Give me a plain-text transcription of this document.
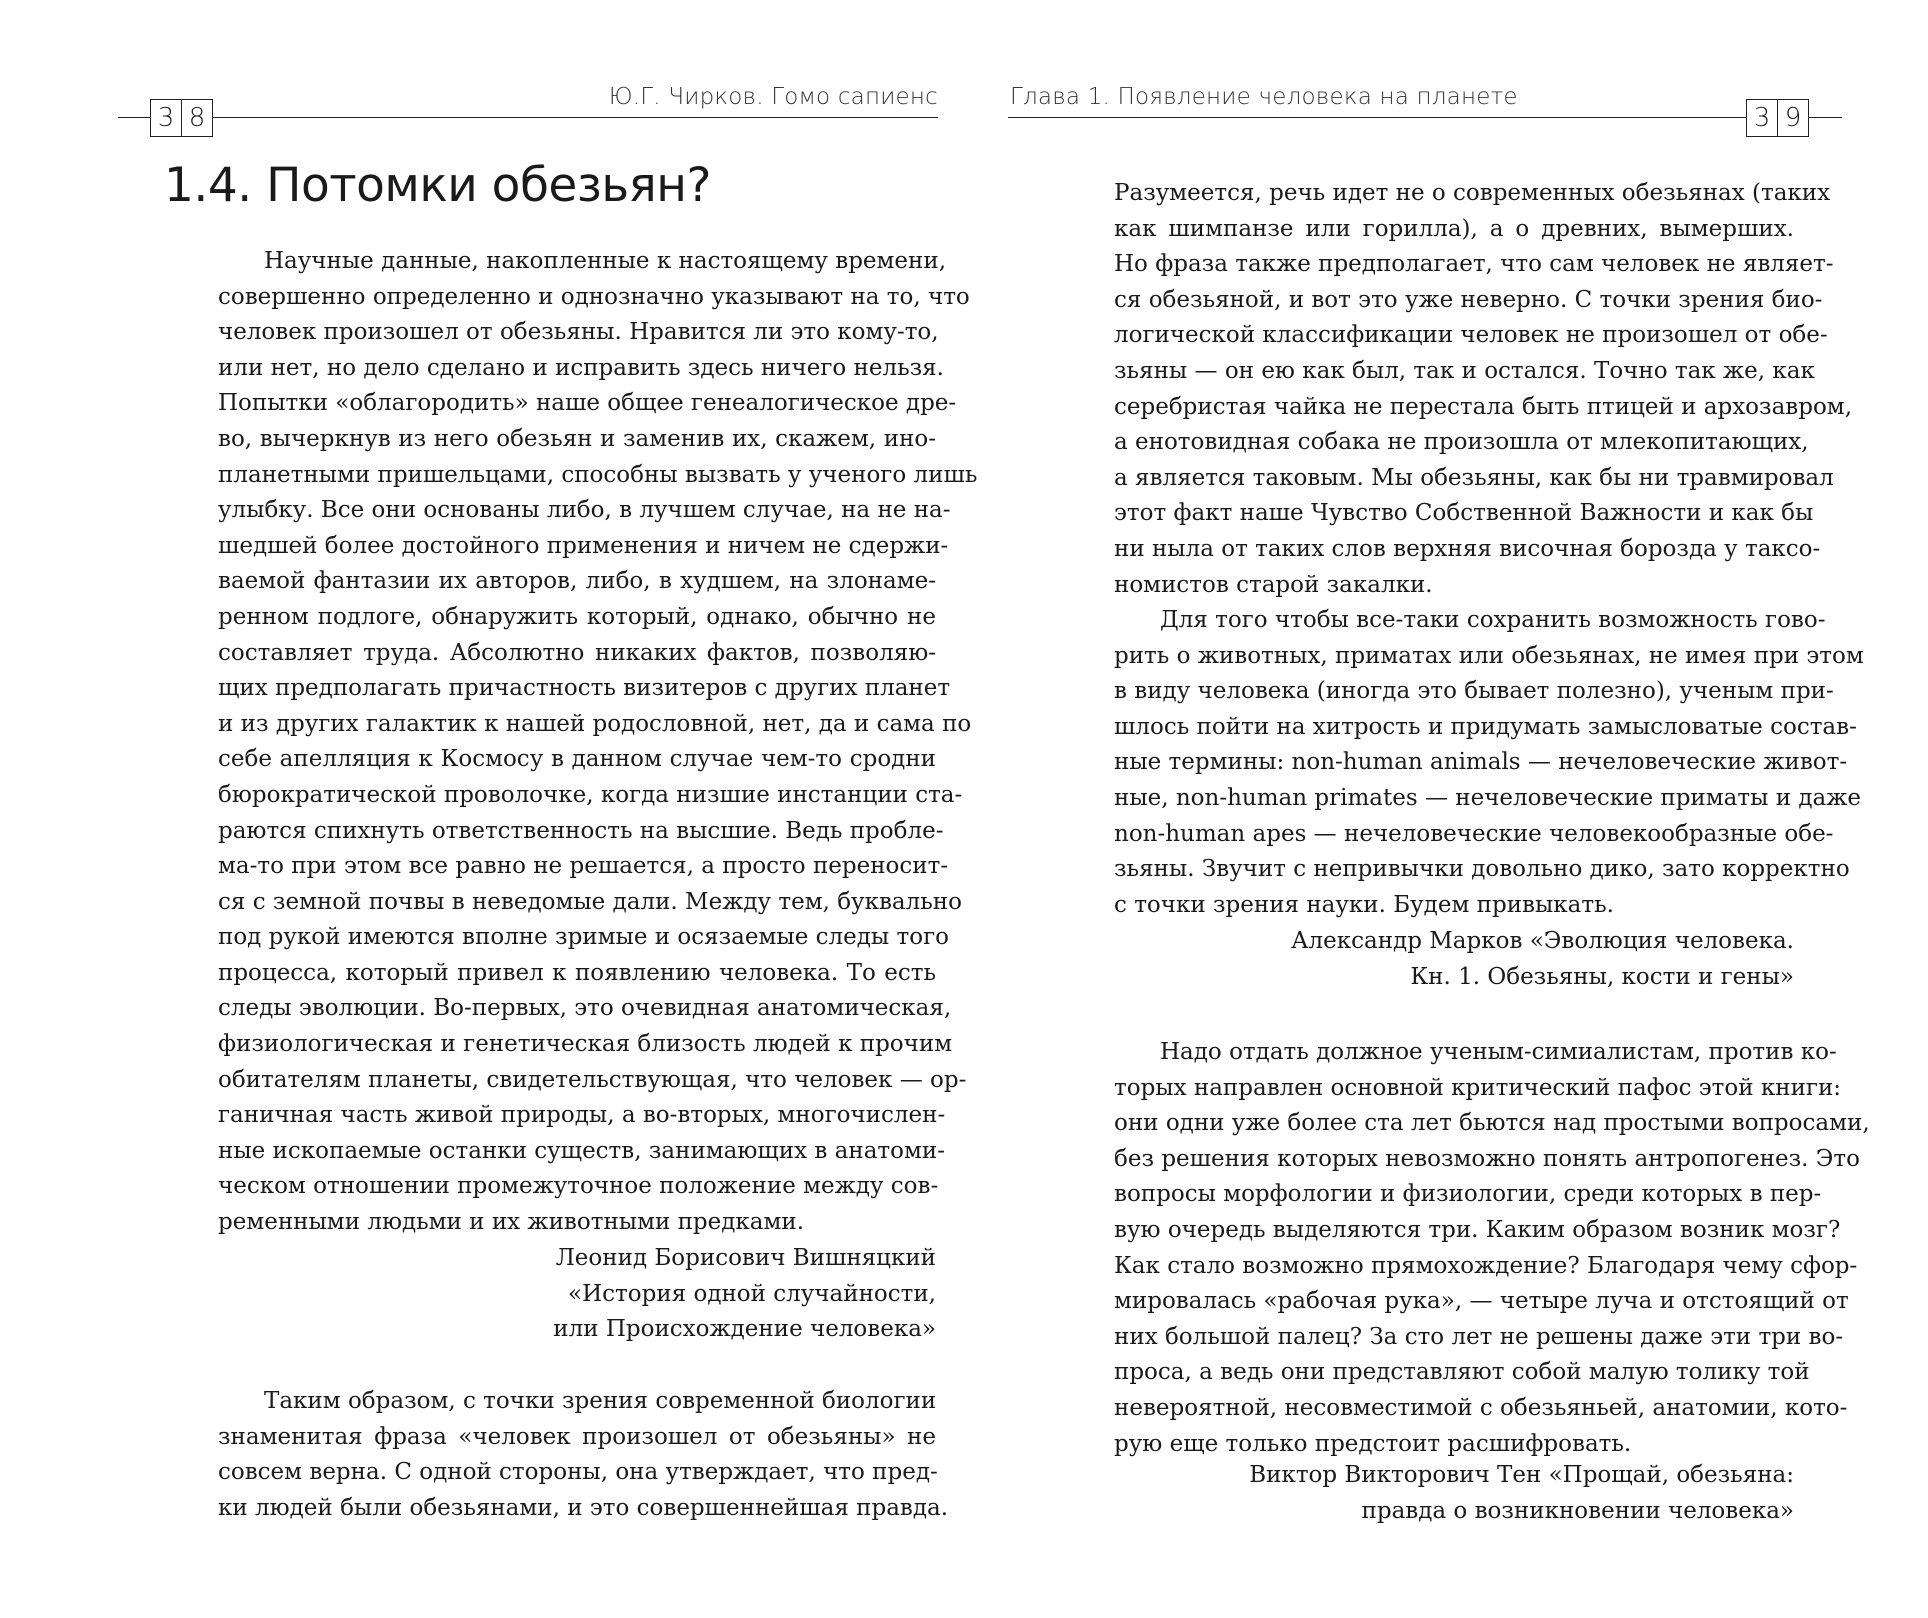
3 8
Ю.Г. Чирков. Гомо сапиенс
1.4. Потомки обезьян?
Научные данные, накопленные к настоящему времени,
совершенно определенно и однозначно указывают на то, что
человек произошел от обезьяны. Нравится ли это кому-то,
или нет, но дело сделано и исправить здесь ничего нельзя.
Попытки «облагородить» наше общее генеалогическое дре-
во, вычеркнув из него обезьян и заменив их, скажем, ино-
планетными пришельцами, способны вызвать у ученого лишь
улыбку. Все они основаны либо, в лучшем случае, на не на-
шедшей более достойного применения и ничем не сдержи-
ваемой фантазии их авторов, либо, в худшем, на злонаме-
ренном подлоге, обнаружить который, однако, обычно не
составляет труда. Абсолютно никаких фактов, позволяю-
щих предполагать причастность визитеров с других планет
и из других галактик к нашей родословной, нет, да и сама по
себе апелляция к Космосу в данном случае чем-то сродни
бюрократической проволочке, когда низшие инстанции ста-
раются спихнуть ответственность на высшие. Ведь пробле-
ма-то при этом все равно не решается, а просто переносит-
ся с земной почвы в неведомые дали. Между тем, буквально
под рукой имеются вполне зримые и осязаемые следы того
процесса, который привел к появлению человека. То есть
следы эволюции. Во-первых, это очевидная анатомическая,
физиологическая и генетическая близость людей к прочим
обитателям планеты, свидетельствующая, что человек — ор-
ганичная часть живой природы, а во-вторых, многочислен-
ные ископаемые останки существ, занимающих в анатоми-
ческом отношении промежуточное положение между сов-
ременными людьми и их животными предками.
Леонид Борисович Вишняцкий
«История одной случайности,
или Происхождение человека»
Таким образом, с точки зрения современной биологии
знаменитая фраза «человек произошел от обезьяны» не
совсем верна. С одной стороны, она утверждает, что пред-
ки людей были обезьянами, и это совершеннейшая правда.
Глава 1. Появление человека на планете
3 9
Разумеется, речь идет не о современных обезьянах (таких
как шимпанзе или горилла), а о древних, вымерших.
Но фраза также предполагает, что сам человек не являет-
ся обезьяной, и вот это уже неверно. С точки зрения био-
логической классификации человек не произошел от обе-
зьяны — он ею как был, так и остался. Точно так же, как
серебристая чайка не перестала быть птицей и архозавром,
а енотовидная собака не произошла от млекопитающих,
а является таковым. Мы обезьяны, как бы ни травмировал
этот факт наше Чувство Собственной Важности и как бы
ни ныла от таких слов верхняя височная борозда у таксо-
номистов старой закалки.
Для того чтобы все-таки сохранить возможность гово-
рить о животных, приматах или обезьянах, не имея при этом
в виду человека (иногда это бывает полезно), ученым при-
шлось пойти на хитрость и придумать замысловатые состав-
ные термины: non-human animals — нечеловеческие живот-
ные, non-human primates — нечеловеческие приматы и даже
non-human apes — нечеловеческие человекообразные обе-
зьяны. Звучит с непривычки довольно дико, зато корректно
с точки зрения науки. Будем привыкать.
Александр Марков «Эволюция человека.
Кн. 1. Обезьяны, кости и гены»
Надо отдать должное ученым-симиалистам, против ко-
торых направлен основной критический пафос этой книги:
они одни уже более ста лет бьются над простыми вопросами,
без решения которых невозможно понять антропогенез. Это
вопросы морфологии и физиологии, среди которых в пер-
вую очередь выделяются три. Каким образом возник мозг?
Как стало возможно прямохождение? Благодаря чему сфор-
мировалась «рабочая рука», — четыре луча и отстоящий от
них большой палец? За сто лет не решены даже эти три во-
проса, а ведь они представляют собой малую толику той
невероятной, несовместимой с обезьяньей, анатомии, кото-
рую еще только предстоит расшифровать.
Виктор Викторович Тен «Прощай, обезьяна:
правда о возникновении человека»
